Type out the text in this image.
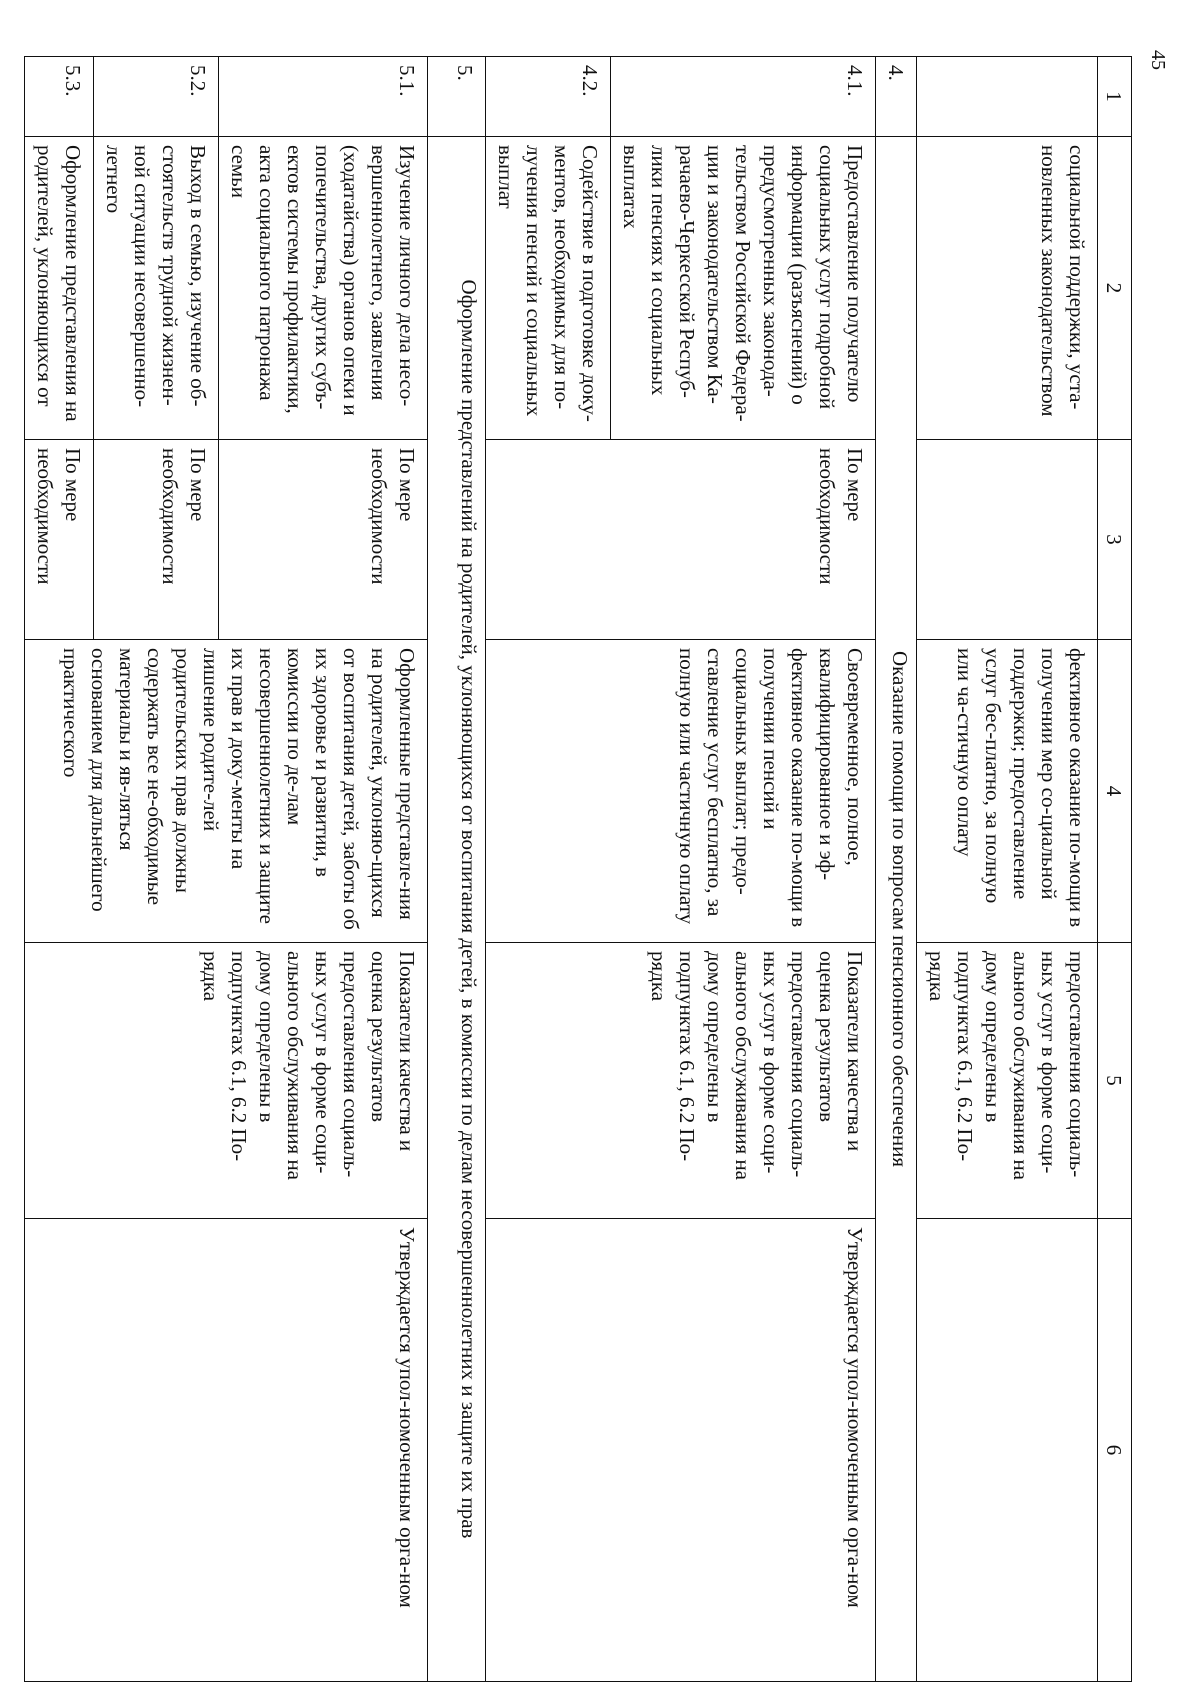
45
1	2	3	4	5	6
	социальной поддержки, уста-новленных законодательством		фективное оказание по-мощи в получении мер со-циальной поддержки; предоставление услуг бес-платно, за полную или ча-стичную оплату	предоставления социаль-ных услуг в форме соци-ального обслуживания на дому определены в подпунктах 6.1, 6.2 По-рядка	
4.	Оказание помощи по вопросам пенсионного обеспечения				
4.1.	Предоставление получателю социальных услуг подробной информации (разъяснений) о предусмотренных законода-тельством Российской Федера-ции и законодательством Ка-рачаево-Черкесской Респуб-лики пенсиях и социальных выплатах	По мере необходимости	Своевременное, полное, квалифицированное и эф-фективное оказание по-мощи в получении пенсий и социальных выплат; предо-ставление услуг бесплатно, за полную или частичную оплату	Показатели качества и оценка результатов предоставления социаль-ных услуг в форме соци-ального обслуживания на дому определены в подпунктах 6.1, 6.2 По-рядка	Утверждается упол-номоченным орга-ном
4.2.	Содействие в подготовке доку-ментов, необходимых для по-лучения пенсий и социальных выплат				
5.	Оформление представлений на родителей, уклоняющихся от воспитания детей, в комиссии по делам несовершеннолетних и защите их прав				
5.1.	Изучение личного дела несо-вершеннолетнего, заявления (ходатайства) органов опеки и попечительства, других субъ-ектов системы профилактики, акта социального патронажа семьи	По мере необходимости	Оформленные представле-ния на родителей, уклоняю-щихся от воспитания детей, заботы об их здоровье и развитии, в комиссии по де-лам несовершеннолетних и защите их прав и доку-менты на лишение родите-лей родительских прав должны содержать все не-обходимые материалы и яв-ляться основанием для дальнейшего практического	Показатели качества и оценка результатов предоставления социаль-ных услуг в форме соци-ального обслуживания на дому определены в подпунктах 6.1, 6.2 По-рядка	Утверждается упол-номоченным орга-ном
5.2.	Выход в семью, изучение об-стоятельств трудной жизнен-ной ситуации несовершенно-летнего	По мере необходимости			
5.3.	Оформление представления на родителей, уклоняющихся от	По мере необходимости			
